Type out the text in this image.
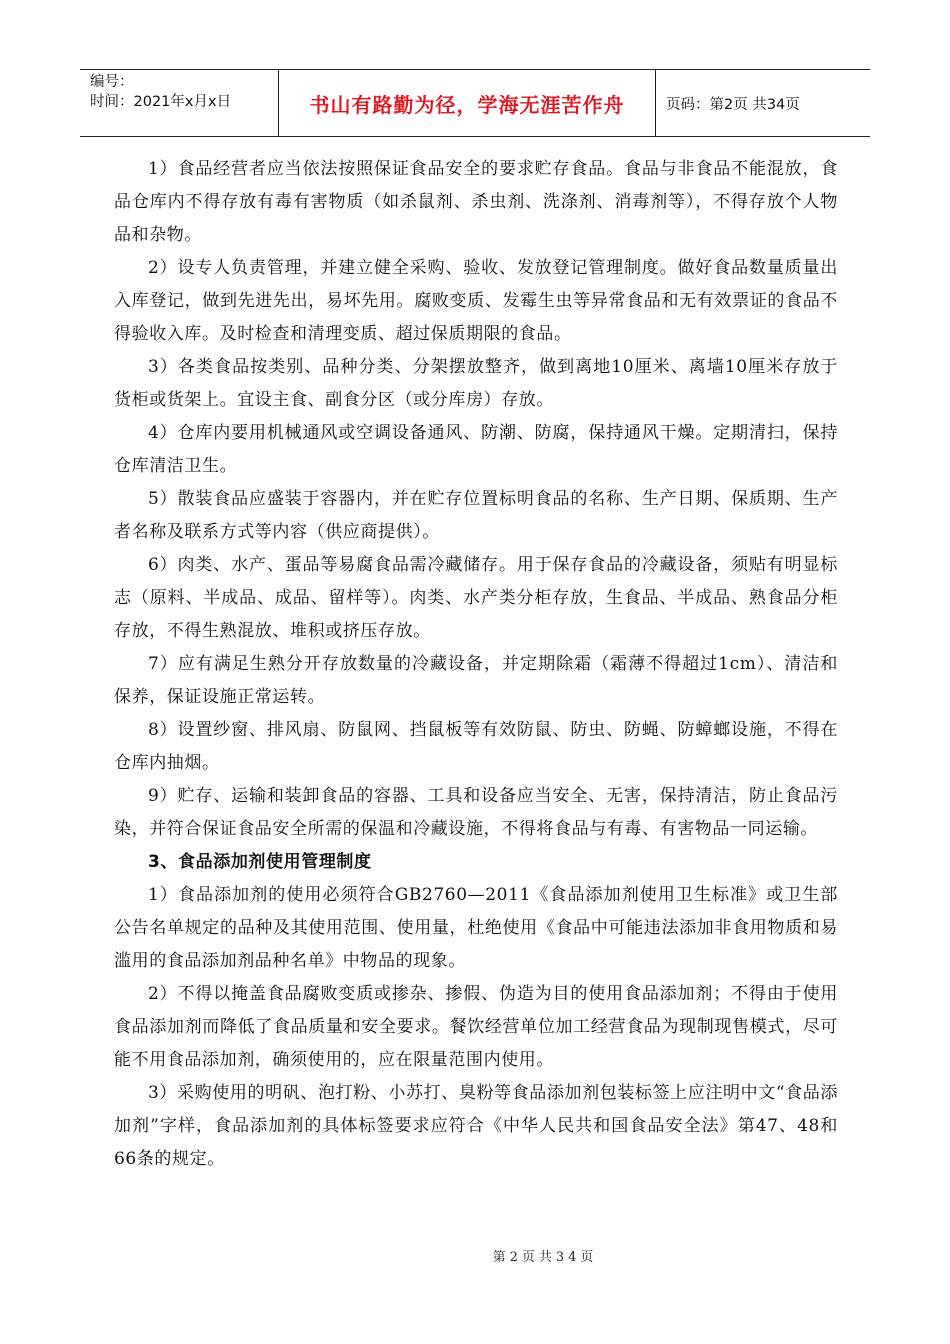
编号：
时间：2021年x月x日	书山有路勤为径，学海无涯苦作舟	页码：第2页 共34页

1）食品经营者应当依法按照保证食品安全的要求贮存食品。食品与非食品不能混放，食品仓库内不得存放有毒有害物质（如杀鼠剂、杀虫剂、洗涤剂、消毒剂等），不得存放个人物品和杂物。

2）设专人负责管理，并建立健全采购、验收、发放登记管理制度。做好食品数量质量出入库登记，做到先进先出，易坏先用。腐败变质、发霉生虫等异常食品和无有效票证的食品不得验收入库。及时检查和清理变质、超过保质期限的食品。

3）各类食品按类别、品种分类、分架摆放整齐，做到离地10厘米、离墙10厘米存放于货柜或货架上。宜设主食、副食分区（或分库房）存放。

4）仓库内要用机械通风或空调设备通风、防潮、防腐，保持通风干燥。定期清扫，保持仓库清洁卫生。

5）散装食品应盛装于容器内，并在贮存位置标明食品的名称、生产日期、保质期、生产者名称及联系方式等内容（供应商提供）。

6）肉类、水产、蛋品等易腐食品需冷藏储存。用于保存食品的冷藏设备，须贴有明显标志（原料、半成品、成品、留样等）。肉类、水产类分柜存放，生食品、半成品、熟食品分柜存放，不得生熟混放、堆积或挤压存放。

7）应有满足生熟分开存放数量的冷藏设备，并定期除霜（霜薄不得超过1cm）、清洁和保养，保证设施正常运转。

8）设置纱窗、排风扇、防鼠网、挡鼠板等有效防鼠、防虫、防蝇、防蟑螂设施，不得在仓库内抽烟。

9）贮存、运输和装卸食品的容器、工具和设备应当安全、无害，保持清洁，防止食品污染，并符合保证食品安全所需的保温和冷藏设施，不得将食品与有毒、有害物品一同运输。

3、食品添加剂使用管理制度

1）食品添加剂的使用必须符合GB2760—2011《食品添加剂使用卫生标准》或卫生部公告名单规定的品种及其使用范围、使用量，杜绝使用《食品中可能违法添加非食用物质和易滥用的食品添加剂品种名单》中物品的现象。

2）不得以掩盖食品腐败变质或掺杂、掺假、伪造为目的使用食品添加剂；不得由于使用食品添加剂而降低了食品质量和安全要求。餐饮经营单位加工经营食品为现制现售模式，尽可能不用食品添加剂，确须使用的，应在限量范围内使用。

3）采购使用的明矾、泡打粉、小苏打、臭粉等食品添加剂包装标签上应注明中文“食品添加剂”字样，食品添加剂的具体标签要求应符合《中华人民共和国食品安全法》第47、48和66条的规定。

第2页共34页
